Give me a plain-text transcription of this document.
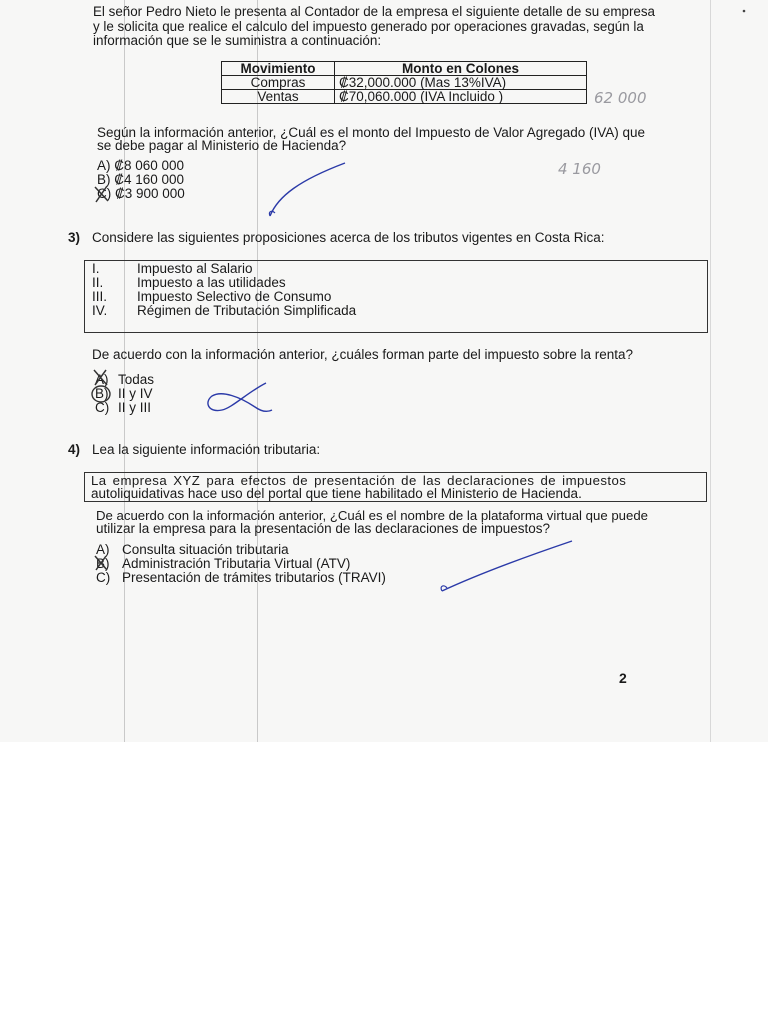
El señor Pedro Nieto le presenta al Contador de la empresa el siguiente detalle de su empresa
y le solicita que realice el calculo del impuesto generado por operaciones gravadas, según la
información que se le suministra a continuación:
Movimiento	Monto en Colones
Compras	₡32,000.000 (Mas 13%IVA)
Ventas	₡70,060.000 (IVA Incluido )	62 000
Según la información anterior, ¿Cuál es el monto del Impuesto de Valor Agregado (IVA) que
se debe pagar al Ministerio de Hacienda?
A) ₡8 060 000
B) ₡4 160 000
C) ₡3 900 000
4 160
3) Considere las siguientes proposiciones acerca de los tributos vigentes en Costa Rica:
I.	Impuesto al Salario
II. Impuesto a las utilidades
III. Impuesto Selectivo de Consumo
IV. Régimen de Tributación Simplificada
De acuerdo con la información anterior, ¿cuáles forman parte del impuesto sobre la renta?
A) Todas
B) II y IV
C) II y III
4) Lea la siguiente información tributaria:
La empresa XYZ para efectos de presentación de las declaraciones de impuestos
autoliquidativas hace uso del portal que tiene habilitado el Ministerio de Hacienda.
De acuerdo con la información anterior, ¿Cuál es el nombre de la plataforma virtual que puede
utilizar la empresa para la presentación de las declaraciones de impuestos?
A) Consulta situación tributaria
B) Administración Tributaria Virtual (ATV)
C) Presentación de trámites tributarios (TRAVI)
2
